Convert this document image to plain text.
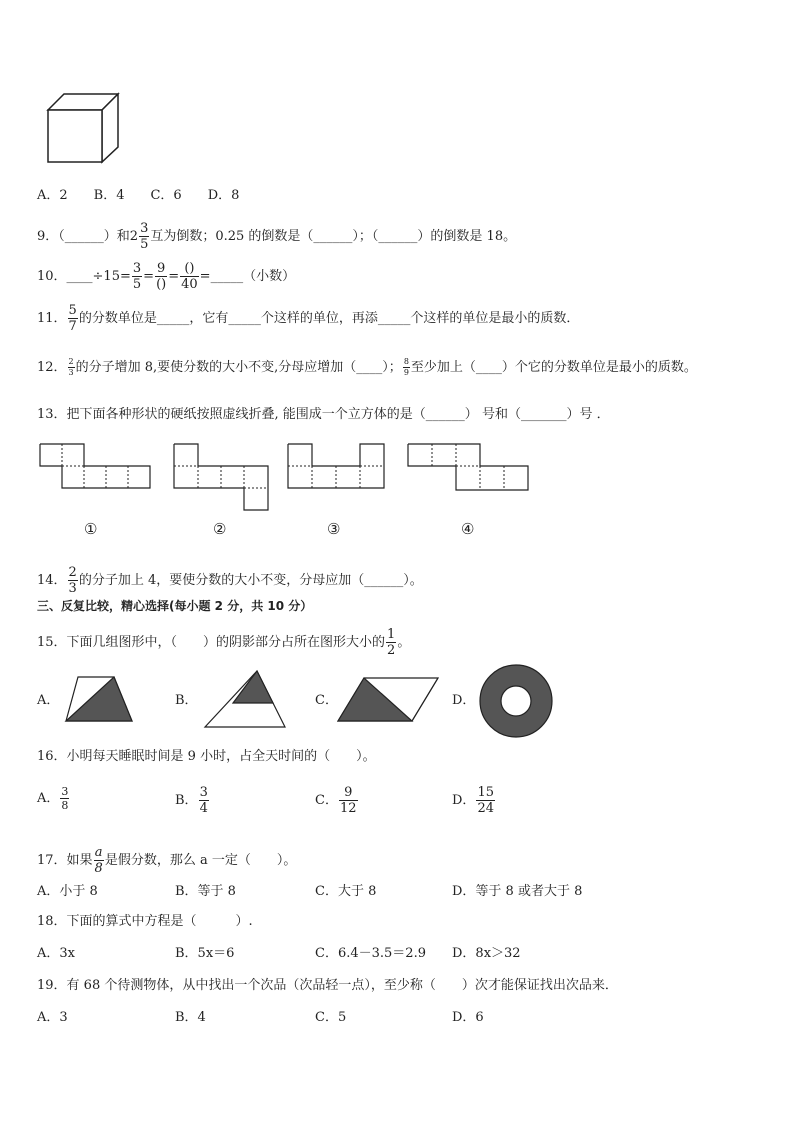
A．2　　B．4　　C．6　　D．8
9．（______）和$2 \frac{3}{5}$ 互为倒数；0.25 的倒数是（______）；（______）的倒数是 18。
10．____÷15= $\frac{3}{5} = \frac{9}{()} = \frac{()}{40}$ =_____（小数）
11． $\frac{5}{7}$ 的分数单位是_____，它有_____个这样的单位，再添_____个这样的单位是最小的质数．
12． $\frac{2}{3}$ 的分子增加 8,要使分数的大小不变,分母应增加（____）； $\frac{8}{9}$ 至少加上（____）个它的分数单位是最小的质数。
13．把下面各种形状的硬纸按照虚线折叠, 能围成一个立方体的是（______） 号和（_______）号 ．
①	②	③	④
14． $\frac{2}{3}$ 的分子加上 4，要使分数的大小不变，分母应加（______）。
三、反复比较，精心选择(每小题 2 分，共 10 分）
15．下面几组图形中，（　　）的阴影部分占所在图形大小的 $\frac{1}{2}$ 。
A．	B．	C．	D．
16．小明每天睡眠时间是 9 小时，占全天时间的（　　）。
A． $\frac{3}{8}$	B． $\frac{3}{4}$	C． $\frac{9}{12}$	D． $\frac{15}{24}$
17．如果 $\frac{a}{8}$ 是假分数，那么 a 一定（　　）。
A．小于 8	B．等于 8	C．大于 8	D．等于 8 或者大于 8
18．下面的算式中方程是（　　　）.
A．3x	B．5x＝6	C．6.4－3.5＝2.9 D．8x＞32
19．有 68 个待测物体，从中找出一个次品（次品轻一点），至少称（　　）次才能保证找出次品来．
A．3	B．4	C．5	D．6
